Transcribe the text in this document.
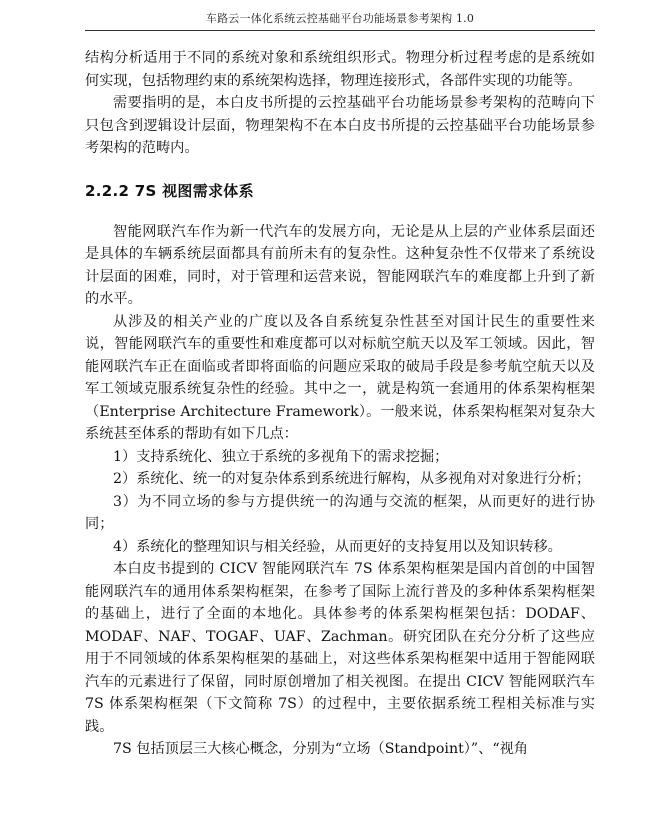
车路云一体化系统云控基础平台功能场景参考架构 1.0

结构分析适用于不同的系统对象和系统组织形式。物理分析过程考虑的是系统如何实现，包括物理约束的系统架构选择，物理连接形式，各部件实现的功能等。

需要指明的是，本白皮书所提的云控基础平台功能场景参考架构的范畴向下只包含到逻辑设计层面，物理架构不在本白皮书所提的云控基础平台功能场景参考架构的范畴内。

2.2.2 7S 视图需求体系

智能网联汽车作为新一代汽车的发展方向，无论是从上层的产业体系层面还是具体的车辆系统层面都具有前所未有的复杂性。这种复杂性不仅带来了系统设计层面的困难，同时，对于管理和运营来说，智能网联汽车的难度都上升到了新的水平。

从涉及的相关产业的广度以及各自系统复杂性甚至对国计民生的重要性来说，智能网联汽车的重要性和难度都可以对标航空航天以及军工领域。因此，智能网联汽车正在面临或者即将面临的问题应采取的破局手段是参考航空航天以及军工领域克服系统复杂性的经验。其中之一，就是构筑一套通用的体系架构框架（Enterprise Architecture Framework）。一般来说，体系架构框架对复杂大系统甚至体系的帮助有如下几点：

1）支持系统化、独立于系统的多视角下的需求挖掘；

2）系统化、统一的对复杂体系到系统进行解构，从多视角对对象进行分析；

3）为不同立场的参与方提供统一的沟通与交流的框架，从而更好的进行协同；

4）系统化的整理知识与相关经验，从而更好的支持复用以及知识转移。

本白皮书提到的 CICV 智能网联汽车 7S 体系架构框架是国内首创的中国智能网联汽车的通用体系架构框架，在参考了国际上流行普及的多种体系架构框架的基础上，进行了全面的本地化。具体参考的体系架构框架包括：DODAF、MODAF、NAF、TOGAF、UAF、Zachman。研究团队在充分分析了这些应用于不同领域的体系架构框架的基础上，对这些体系架构框架中适用于智能网联汽车的元素进行了保留，同时原创增加了相关视图。在提出 CICV 智能网联汽车 7S 体系架构框架（下文简称 7S）的过程中，主要依据系统工程相关标准与实践。

7S 包括顶层三大核心概念，分别为“立场（Standpoint）”、“视角
